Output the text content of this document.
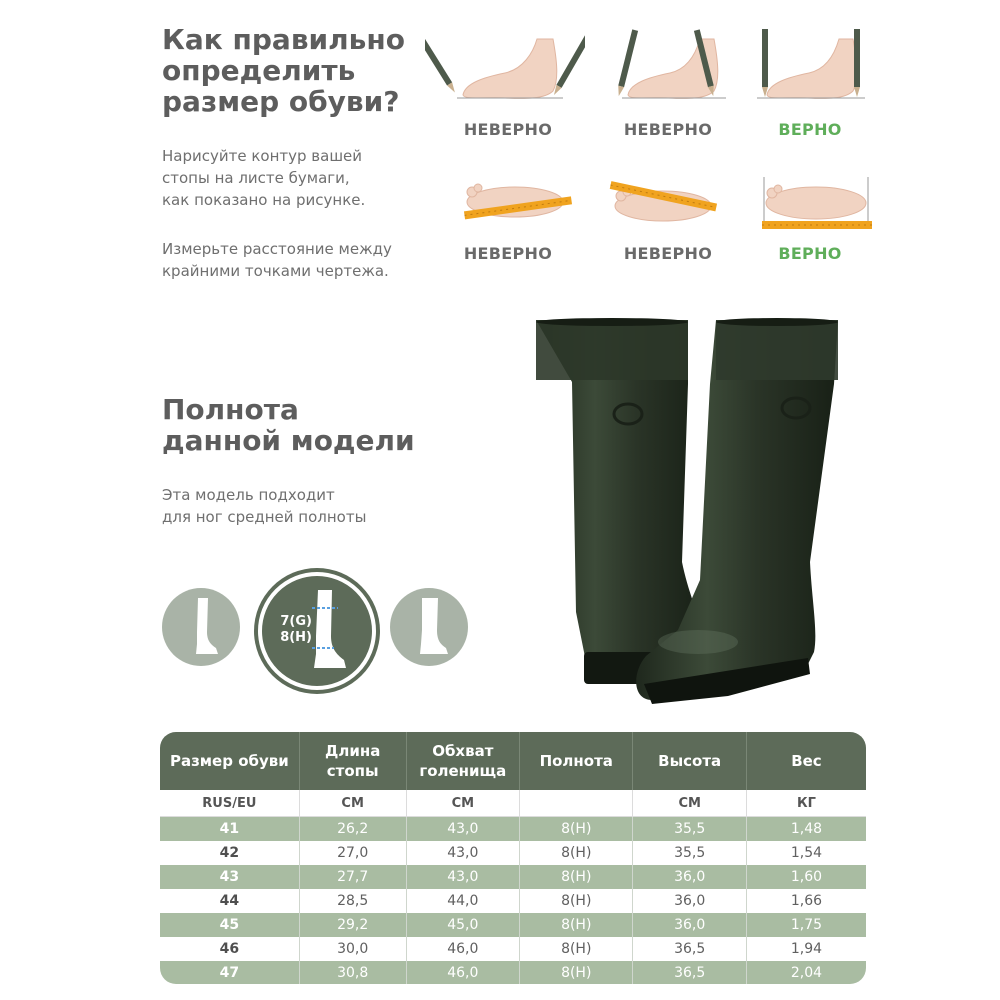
Как правильно
определить
размер обуви?
Нарисуйте контур вашей
стопы на листе бумаги,
как показано на рисунке.
Измерьте расстояние между
крайними точками чертежа.
НЕВЕРНО	НЕВЕРНО	ВЕРНО
НЕВЕРНО	НЕВЕРНО	ВЕРНО
Полнота
данной модели
Эта модель подходит
для ног средней полноты
7(G)
8(H)
Размер обуви	Длина стопы	Обхват голенища	Полнота	Высота	Вес
RUS/EU	СМ	СМ		СМ	КГ
41	26,2	43,0	8(Н)	35,5	1,48
42	27,0	43,0	8(Н)	35,5	1,54
43	27,7	43,0	8(Н)	36,0	1,60
44	28,5	44,0	8(Н)	36,0	1,66
45	29,2	45,0	8(Н)	36,0	1,75
46	30,0	46,0	8(Н)	36,5	1,94
47	30,8	46,0	8(Н)	36,5	2,04
